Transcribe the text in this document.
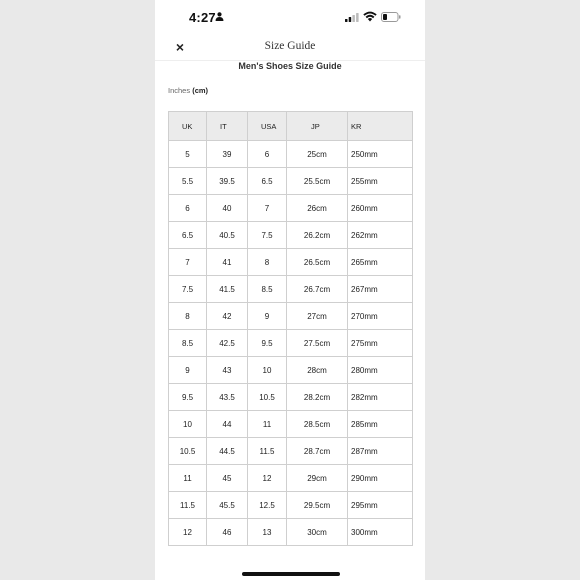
4:27
×	Size Guide
Men's Shoes Size Guide
Inches (cm)
UK	IT	USA	JP	KR
5	39	6	25cm	250mm
5.5	39.5	6.5	25.5cm	255mm
6	40	7	26cm	260mm
6.5	40.5	7.5	26.2cm	262mm
7	41	8	26.5cm	265mm
7.5	41.5	8.5	26.7cm	267mm
8	42	9	27cm	270mm
8.5	42.5	9.5	27.5cm	275mm
9	43	10	28cm	280mm
9.5	43.5	10.5	28.2cm	282mm
10	44	11	28.5cm	285mm
10.5	44.5	11.5	28.7cm	287mm
11	45	12	29cm	290mm
11.5	45.5	12.5	29.5cm	295mm
12	46	13	30cm	300mm
